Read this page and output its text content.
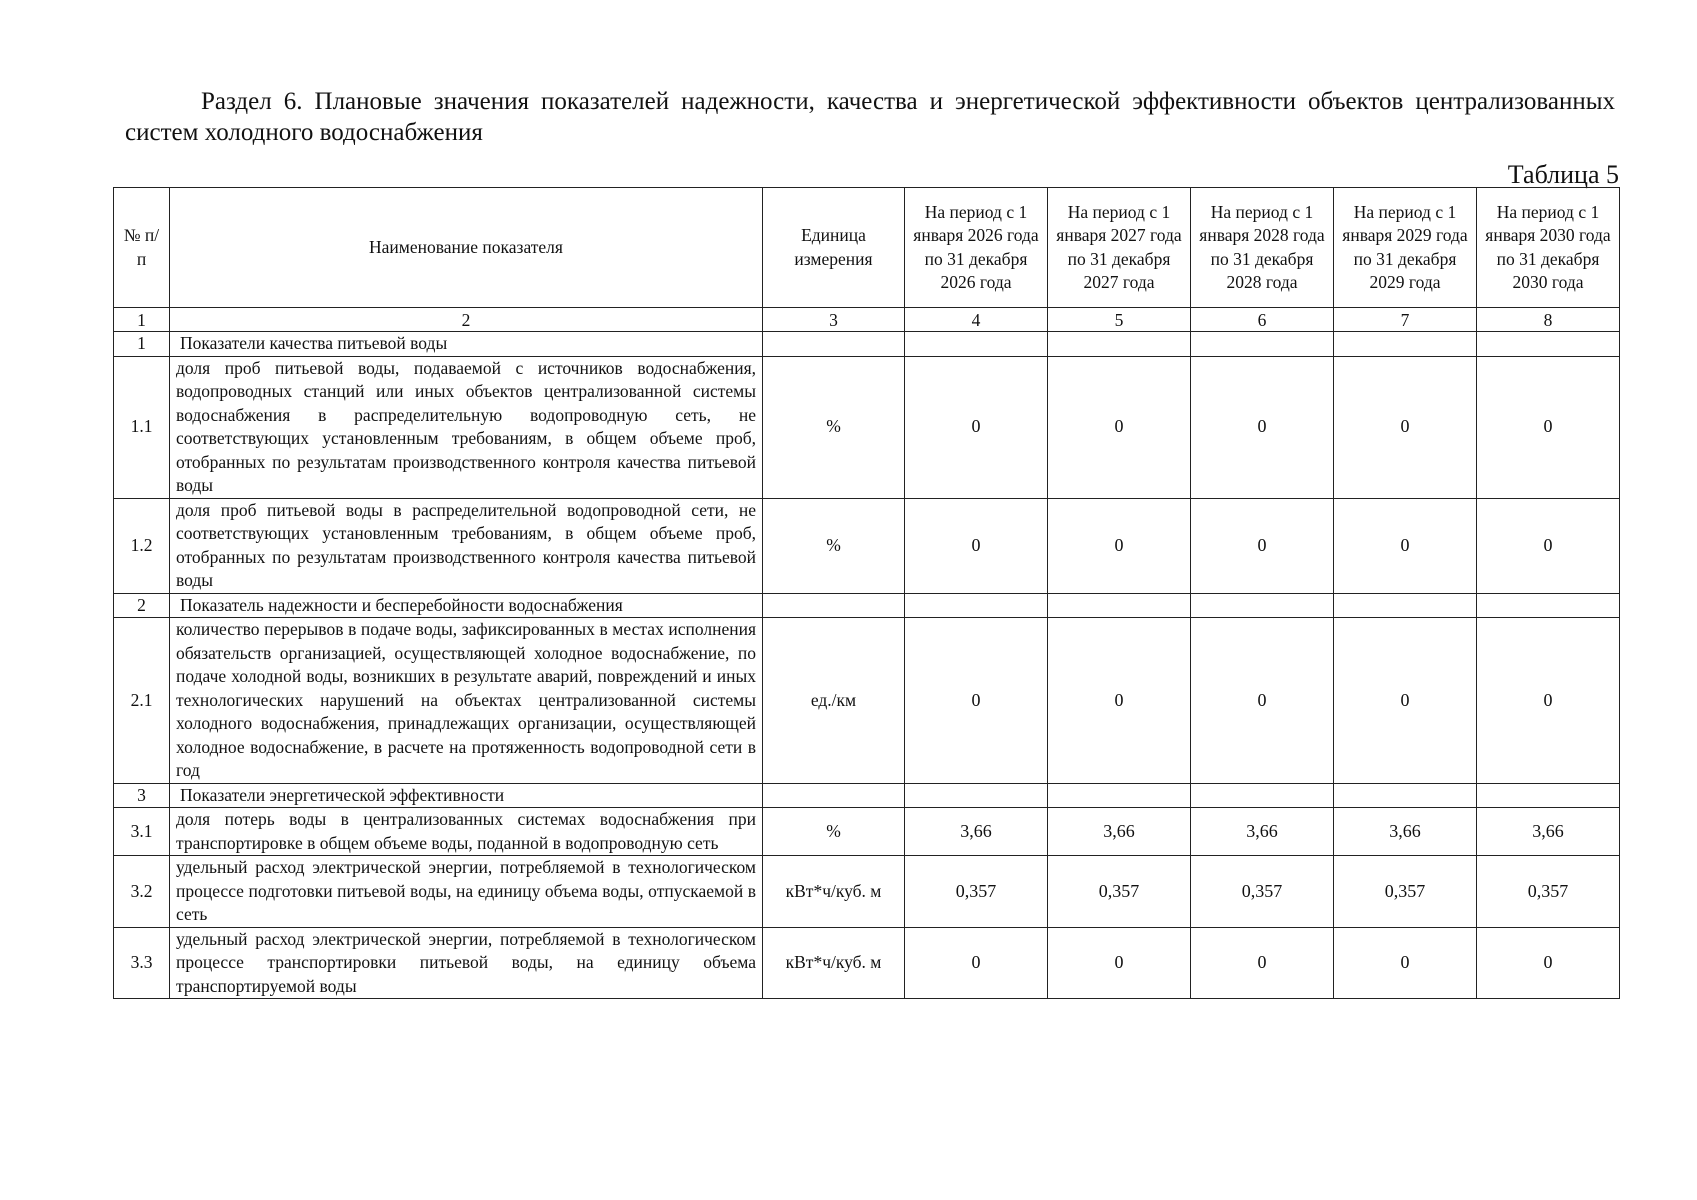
Раздел 6. Плановые значения показателей надежности, качества и энергетической эффективности объектов централизованных систем холодного водоснабжения
Таблица 5
№ п/п	Наименование показателя	Единица измерения	На период с 1 января 2026 года по 31 декабря 2026 года	На период с 1 января 2027 года по 31 декабря 2027 года	На период с 1 января 2028 года по 31 декабря 2028 года	На период с 1 января 2029 года по 31 декабря 2029 года	На период с 1 января 2030 года по 31 декабря 2030 года
1	2	3	4	5	6	7	8
1	Показатели качества питьевой воды						
1.1	доля проб питьевой воды, подаваемой с источников водоснабжения, водопроводных станций или иных объектов централизованной системы водоснабжения в распределительную водопроводную сеть, не соответствующих установленным требованиям, в общем объеме проб, отобранных по результатам производственного контроля качества питьевой воды	%	0	0	0	0	0
1.2	доля проб питьевой воды в распределительной водопроводной сети, не соответствующих установленным требованиям, в общем объеме проб, отобранных по результатам производственного контроля качества питьевой воды	%	0	0	0	0	0
2	Показатель надежности и бесперебойности водоснабжения						
2.1	количество перерывов в подаче воды, зафиксированных в местах исполнения обязательств организацией, осуществляющей холодное водоснабжение, по подаче холодной воды, возникших в результате аварий, повреждений и иных технологических нарушений на объектах централизованной системы холодного водоснабжения, принадлежащих организации, осуществляющей холодное водоснабжение, в расчете на протяженность водопроводной сети в год	ед./км	0	0	0	0	0
3	Показатели энергетической эффективности						
3.1	доля потерь воды в централизованных системах водоснабжения при транспортировке в общем объеме воды, поданной в водопроводную сеть	%	3,66	3,66	3,66	3,66	3,66
3.2	удельный расход электрической энергии, потребляемой в технологическом процессе подготовки питьевой воды, на единицу объема воды, отпускаемой в сеть	кВт*ч/куб. м	0,357	0,357	0,357	0,357	0,357
3.3	удельный расход электрической энергии, потребляемой в технологическом процессе транспортировки питьевой воды, на единицу объема транспортируемой воды	кВт*ч/куб. м	0	0	0	0	0
